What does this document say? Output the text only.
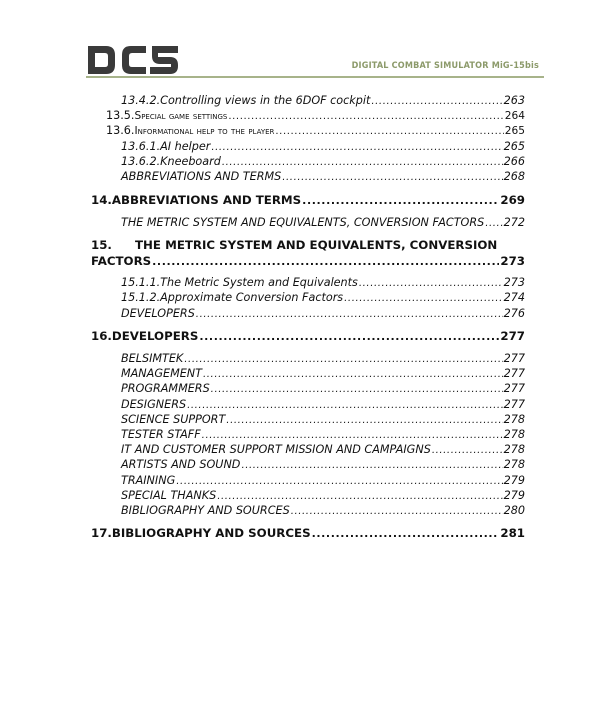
DIGITAL COMBAT SIMULATOR MiG-15bis
13.4.2. Controlling views in the 6DOF cockpit .....	263
13.5. Special game settings .....	264
13.6. Informational help to the player .....	265
13.6.1. AI helper .....	265
13.6.2. Kneeboard .....	266
ABBREVIATIONS AND TERMS .....	268
14. ABBREVIATIONS AND TERMS .....	269
THE METRIC SYSTEM AND EQUIVALENTS, CONVERSION FACTORS ..... 272
15. THE METRIC SYSTEM AND EQUIVALENTS, CONVERSION
FACTORS .....	273
15.1.1. The Metric System and Equivalents .....	273
15.1.2. Approximate Conversion Factors .....	274
DEVELOPERS .....	276
16. DEVELOPERS .....	277
BELSIMTEK .....	277
MANAGEMENT .....	277
PROGRAMMERS .....	277
DESIGNERS .....	277
SCIENCE SUPPORT .....	278
TESTER STAFF .....	278
IT AND CUSTOMER SUPPORT MISSION AND CAMPAIGNS .....	278
ARTISTS AND SOUND .....	278
TRAINING .....	279
SPECIAL THANKS .....	279
BIBLIOGRAPHY AND SOURCES .....	280
17. BIBLIOGRAPHY AND SOURCES .....	281
